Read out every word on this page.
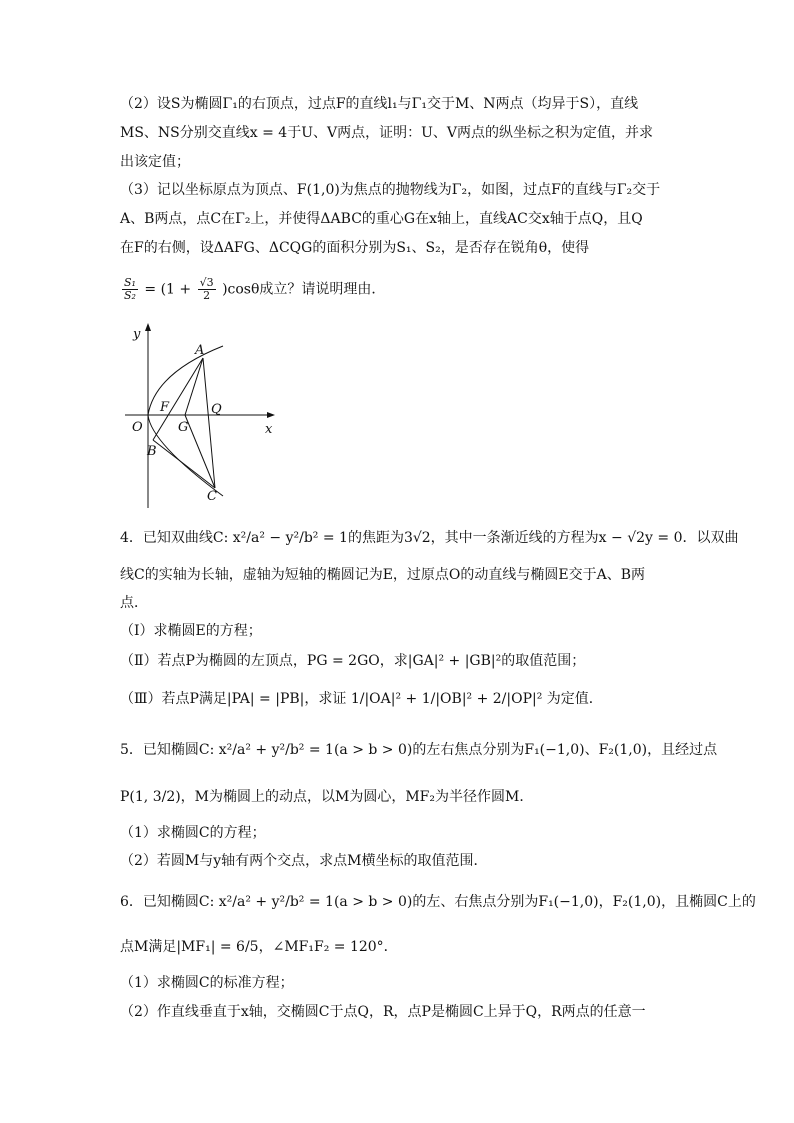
（2）设S为椭圆Γ₁的右顶点，过点F的直线l₁与Γ₁交于M、N两点（均异于S），直线
MS、NS分别交直线x = 4于U、V两点，证明：U、V两点的纵坐标之积为定值，并求
出该定值；
（3）记以坐标原点为顶点、F(1,0)为焦点的抛物线为Γ₂，如图，过点F的直线与Γ₂交于
A、B两点，点C在Γ₂上，并使得ΔABC的重心G在x轴上，直线AC交x轴于点Q，且Q
在F的右侧，设ΔAFG、ΔCQG的面积分别为S₁、S₂，是否存在锐角θ，使得
4．已知双曲线C: x²/a² − y²/b² = 1的焦距为3√2，其中一条渐近线的方程为x − √2y = 0．以双曲
线C的实轴为长轴，虚轴为短轴的椭圆记为E，过原点O的动直线与椭圆E交于A、B两
点．
（Ⅰ）求椭圆E的方程；
（Ⅱ）若点P为椭圆的左顶点，PG = 2GO，求|GA|² + |GB|²的取值范围；
（Ⅲ）若点P满足|PA| = |PB|，求证 1/|OA|² + 1/|OB|² + 2/|OP|² 为定值．
5．已知椭圆C: x²/a² + y²/b² = 1(a > b > 0)的左右焦点分别为F₁(−1,0)、F₂(1,0)，且经过点
P(1, 3/2)，M为椭圆上的动点，以M为圆心，MF₂为半径作圆M．
（1）求椭圆C的方程；
（2）若圆M与y轴有两个交点，求点M横坐标的取值范围．
6．已知椭圆C: x²/a² + y²/b² = 1(a > b > 0)的左、右焦点分别为F₁(−1,0)，F₂(1,0)，且椭圆C上的
点M满足|MF₁| = 6/5，∠MF₁F₂ = 120°．
（1）求椭圆C的标准方程；
（2）作直线垂直于x轴，交椭圆C于点Q，R，点P是椭圆C上异于Q，R两点的任意一
$\frac{\text{S₁}}{\text{S₂}} = (1 + \frac{√3}{2} )\cos\theta$成立？请说明理由．
y
x
A
F	Q
O	G
B
C
